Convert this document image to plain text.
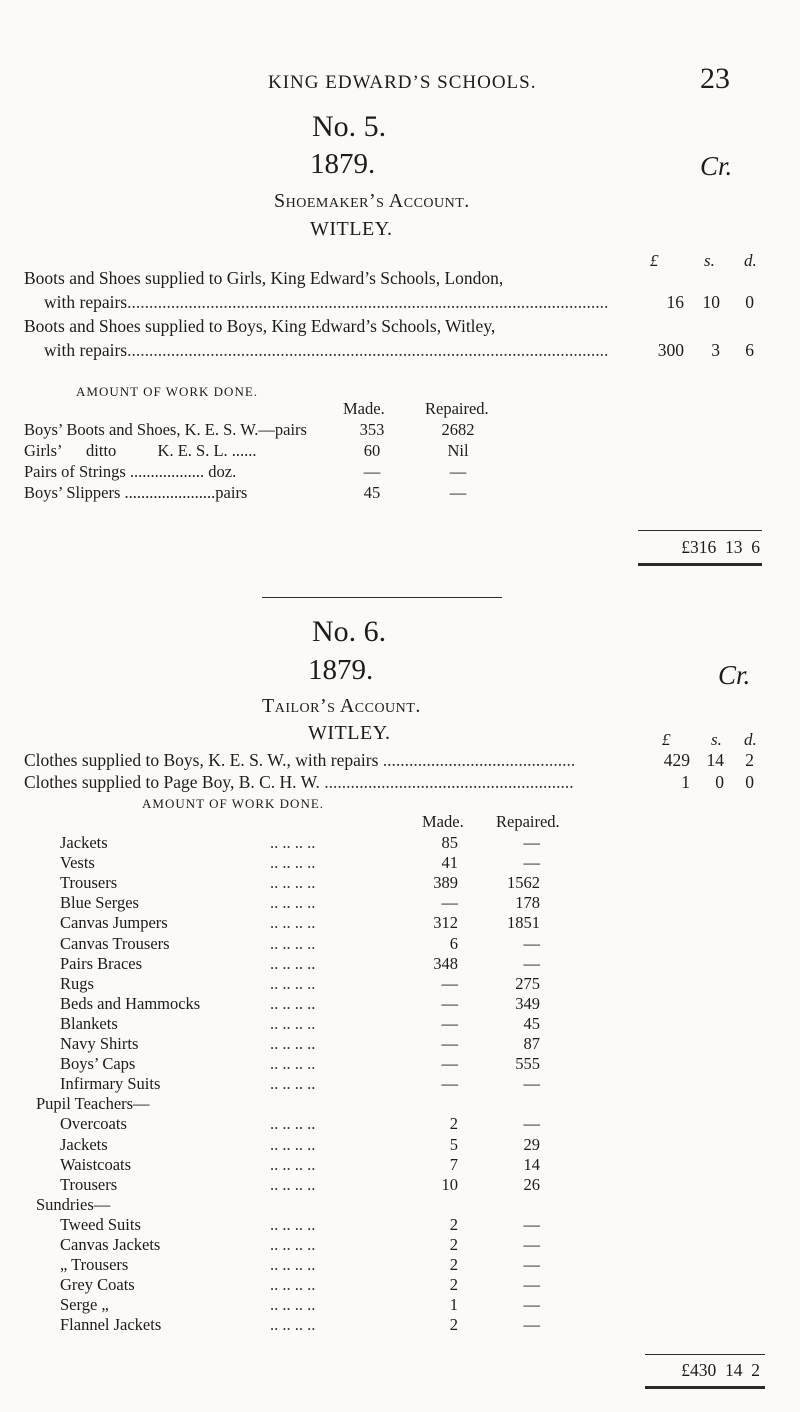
KING EDWARD’S SCHOOLS.	23
No. 5.
1879.	Cr.
Shoemaker’s Account.
WITLEY.
£	s. d.
Boots and Shoes supplied to Girls, King Edward’s Schools, London,
with repairs..............................................................................................................	16	10	0
Boots and Shoes supplied to Boys, King Edward’s Schools, Witley,
with repairs..............................................................................................................	300	3	6
AMOUNT OF WORK DONE.
Made. Repaired.
Boys’ Boots and Shoes, K. E. S. W.—pairs	353	2682
Girls’      ditto          K. E. S. L. ......	60	Nil
Pairs of Strings .................. doz.	—	—
Boys’ Slippers ......................pairs	45	—
£316  13  6
No. 6.
1879.	Cr.
Tailor’s Account.
WITLEY.	£ s. d.
Clothes supplied to Boys, K. E. S. W., with repairs ............................................	429 14	2
Clothes supplied to Page Boy, B. C. H. W. .........................................................	1	0	0
AMOUNT OF WORK DONE.
Made. Repaired.
Jackets	.. .. .. ..	85	—
Vests	.. .. .. ..	41	—
Trousers	.. .. .. ..	389	1562
Blue Serges	.. .. .. ..	—	178
Canvas Jumpers	.. .. .. ..	312	1851
Canvas Trousers	.. .. .. ..	6	—
Pairs Braces	.. .. .. ..	348	—
Rugs	.. .. .. ..	—	275
Beds and Hammocks	.. .. .. ..	—	349
Blankets	.. .. .. ..	—	45
Navy Shirts	.. .. .. ..	—	87
Boys’ Caps	.. .. .. ..	—	555
Infirmary Suits	.. .. .. ..	—	—
Pupil Teachers—
Overcoats	.. .. .. ..	2	—
Jackets	.. .. .. ..	5	29
Waistcoats	.. .. .. ..	7	14
Trousers	.. .. .. ..	10	26
Sundries—
Tweed Suits	.. .. .. ..	2	—
Canvas Jackets	.. .. .. ..	2	—
„ Trousers	.. .. .. ..	2	—
Grey Coats	.. .. .. ..	2	—
Serge „	.. .. .. ..	1	—
Flannel Jackets	.. .. .. ..	2	—
£430  14  2
